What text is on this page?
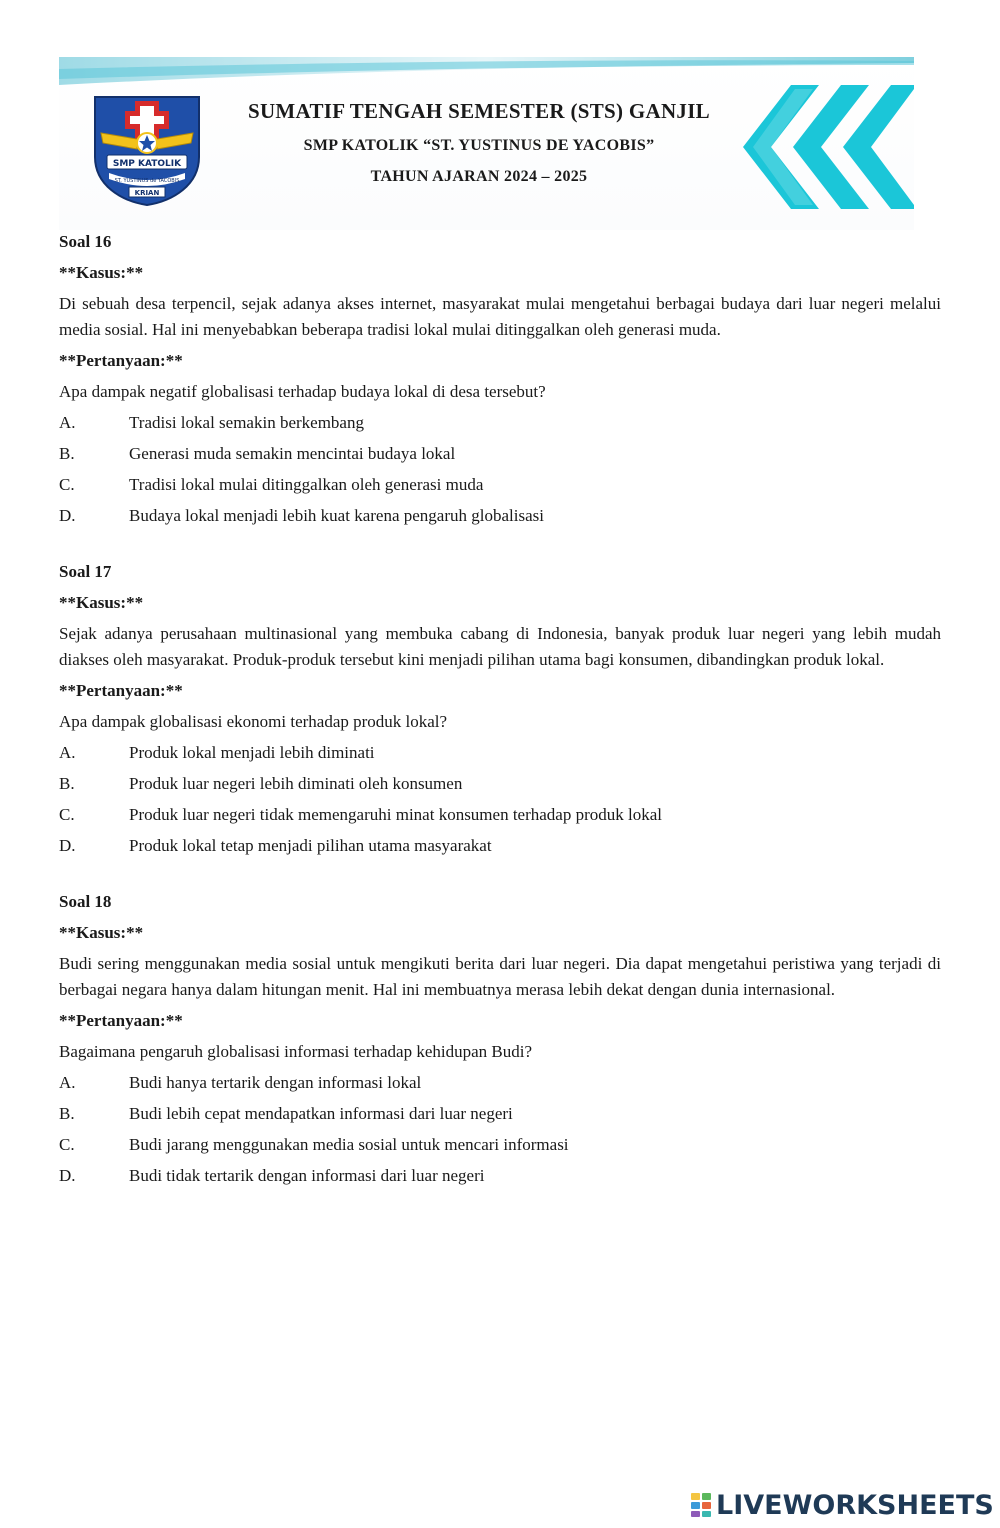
SMP KATOLIK
ST. YUSTINUS de YACOBIS
KRIAN
SUMATIF TENGAH SEMESTER (STS) GANJIL
SMP KATOLIK “ST. YUSTINUS DE YACOBIS”
TAHUN AJARAN 2024 – 2025
Soal 16
**Kasus:**
Di sebuah desa terpencil, sejak adanya akses internet, masyarakat mulai mengetahui berbagai budaya dari luar negeri melalui media sosial. Hal ini menyebabkan beberapa tradisi lokal mulai ditinggalkan oleh generasi muda.
**Pertanyaan:**
Apa dampak negatif globalisasi terhadap budaya lokal di desa tersebut?
A.	Tradisi lokal semakin berkembang
B.	Generasi muda semakin mencintai budaya lokal
C.	Tradisi lokal mulai ditinggalkan oleh generasi muda
D.	Budaya lokal menjadi lebih kuat karena pengaruh globalisasi
Soal 17
**Kasus:**
Sejak adanya perusahaan multinasional yang membuka cabang di Indonesia, banyak produk luar negeri yang lebih mudah diakses oleh masyarakat. Produk-produk tersebut kini menjadi pilihan utama bagi konsumen, dibandingkan produk lokal.
**Pertanyaan:**
Apa dampak globalisasi ekonomi terhadap produk lokal?
A.	Produk lokal menjadi lebih diminati
B.	Produk luar negeri lebih diminati oleh konsumen
C.	Produk luar negeri tidak memengaruhi minat konsumen terhadap produk lokal
D.	Produk lokal tetap menjadi pilihan utama masyarakat
Soal 18
**Kasus:**
Budi sering menggunakan media sosial untuk mengikuti berita dari luar negeri. Dia dapat mengetahui peristiwa yang terjadi di berbagai negara hanya dalam hitungan menit. Hal ini membuatnya merasa lebih dekat dengan dunia internasional.
**Pertanyaan:**
Bagaimana pengaruh globalisasi informasi terhadap kehidupan Budi?
A.	Budi hanya tertarik dengan informasi lokal
B.	Budi lebih cepat mendapatkan informasi dari luar negeri
C.	Budi jarang menggunakan media sosial untuk mencari informasi
D.	Budi tidak tertarik dengan informasi dari luar negeri
LIVEWORKSHEETS
